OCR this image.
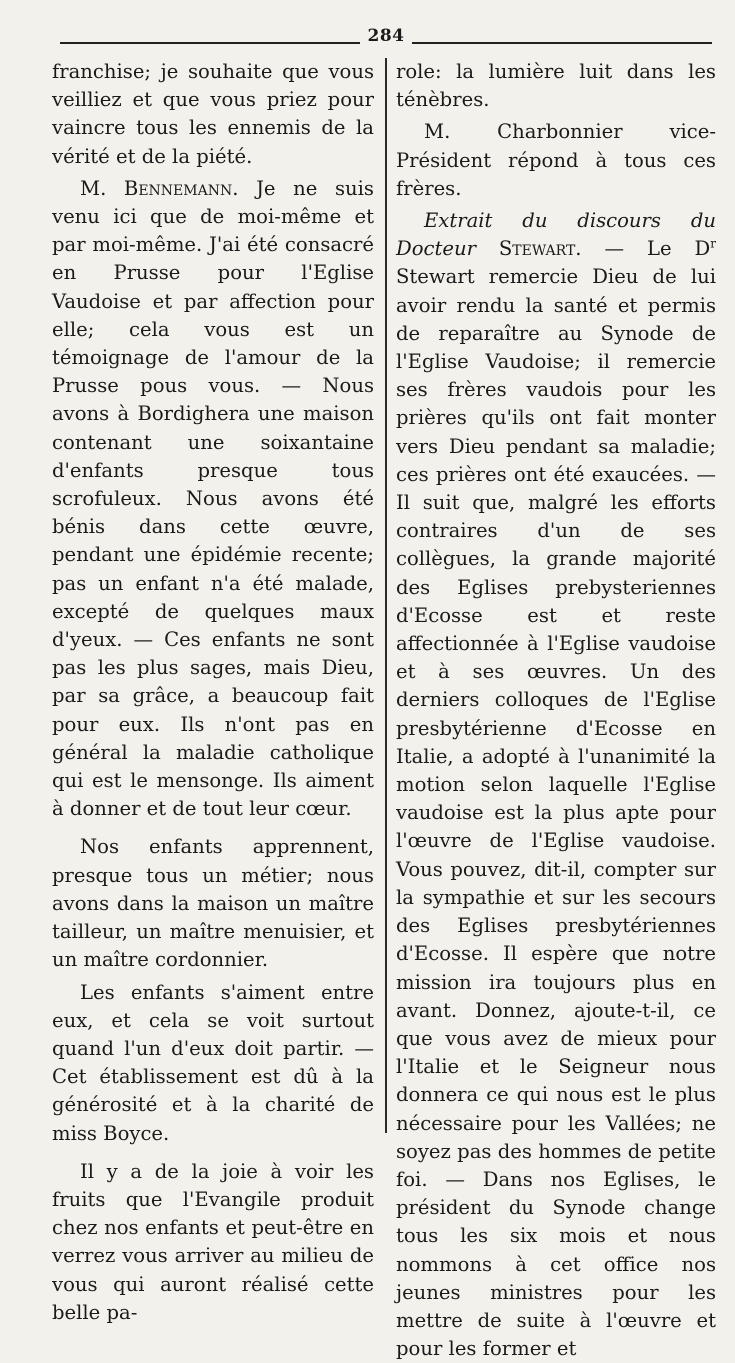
284

franchise; je souhaite que vous veilliez et que vous priez pour vaincre tous les ennemis de la vérité et de la piété.

M. Bennemann. Je ne suis venu ici que de moi-même et par moi-même. J'ai été consacré en Prusse pour l'Eglise Vaudoise et par affection pour elle; cela vous est un témoignage de l'amour de la Prusse pous vous. — Nous avons à Bordighera une maison contenant une soixantaine d'enfants presque tous scrofuleux. Nous avons été bénis dans cette œuvre, pendant une épidémie recente; pas un enfant n'a été malade, excepté de quelques maux d'yeux. — Ces enfants ne sont pas les plus sages, mais Dieu, par sa grâce, a beaucoup fait pour eux. Ils n'ont pas en général la maladie catholique qui est le mensonge. Ils aiment à donner et de tout leur cœur.

Nos enfants apprennent, presque tous un métier; nous avons dans la maison un maître tailleur, un maître menuisier, et un maître cordonnier.

Les enfants s'aiment entre eux, et cela se voit surtout quand l'un d'eux doit partir. — Cet établissement est dû à la générosité et à la charité de miss Boyce.

Il y a de la joie à voir les fruits que l'Evangile produit chez nos enfants et peut-être en verrez vous arriver au milieu de vous qui auront réalisé cette belle pa-

role: la lumière luit dans les ténèbres.

M. Charbonnier vice-Président répond à tous ces frères.

Extrait du discours du Docteur Stewart. — Le $D^r$ Stewart remercie Dieu de lui avoir rendu la santé et permis de reparaître au Synode de l'Eglise Vaudoise; il remercie ses frères vaudois pour les prières qu'ils ont fait monter vers Dieu pendant sa maladie; ces prières ont été exaucées. — Il suit que, malgré les efforts contraires d'un de ses collègues, la grande majorité des Eglises prebysteriennes d'Ecosse est et reste affectionnée à l'Eglise vaudoise et à ses œuvres. Un des derniers colloques de l'Eglise presbytérienne d'Ecosse en Italie, a adopté à l'unanimité la motion selon laquelle l'Eglise vaudoise est la plus apte pour l'œuvre de l'Eglise vaudoise. Vous pouvez, dit-il, compter sur la sympathie et sur les secours des Eglises presbytériennes d'Ecosse. Il espère que notre mission ira toujours plus en avant. Donnez, ajoute-t-il, ce que vous avez de mieux pour l'Italie et le Seigneur nous donnera ce qui nous est le plus nécessaire pour les Vallées; ne soyez pas des hommes de petite foi. — Dans nos Eglises, le président du Synode change tous les six mois et nous nommons à cet office nos jeunes ministres pour les mettre de suite à l'œuvre et pour les former et
